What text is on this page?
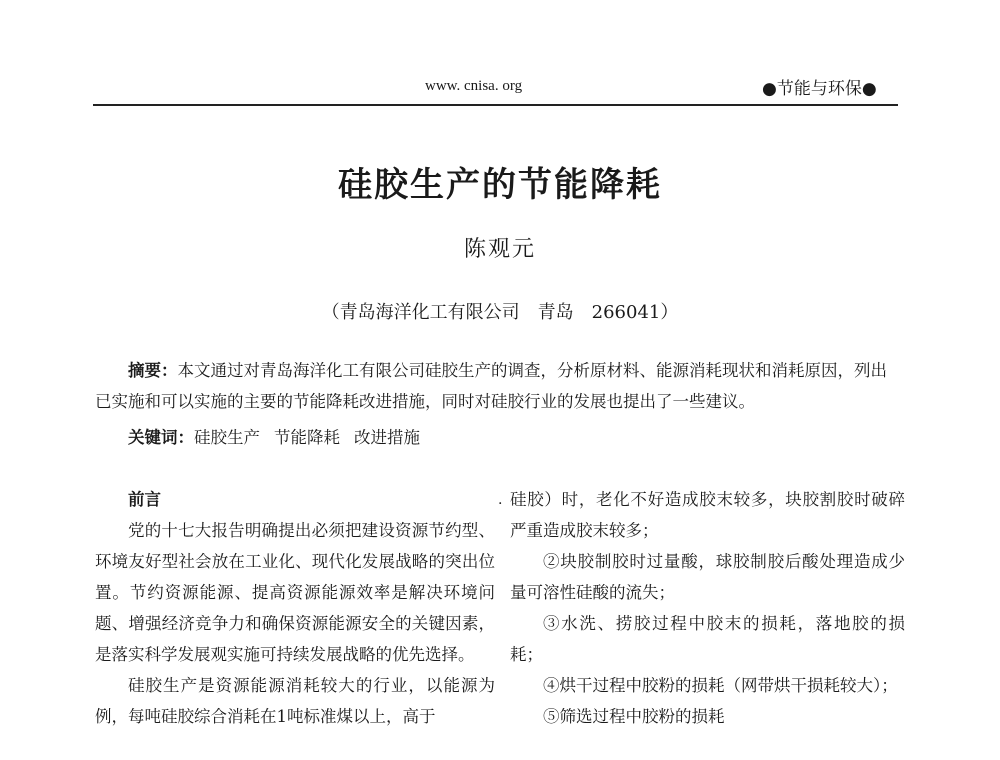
www. cnisa. org	●节能与环保●
硅胶生产的节能降耗
陈观元
（青岛海洋化工有限公司　青岛　266041）

摘要：本文通过对青岛海洋化工有限公司硅胶生产的调查，分析原材料、能源消耗现状和消耗原因，列出已实施和可以实施的主要的节能降耗改进措施，同时对硅胶行业的发展也提出了一些建议。

关键词：硅胶生产 节能降耗 改进措施

前言

党的十七大报告明确提出必须把建设资源节约型、环境友好型社会放在工业化、现代化发展战略的突出位置。节约资源能源、提高资源能源效率是解决环境问题、增强经济竞争力和确保资源能源安全的关键因素，是落实科学发展观实施可持续发展战略的优先选择。

硅胶生产是资源能源消耗较大的行业，以能源为例，每吨硅胶综合消耗在1吨标准煤以上，高于

. 硅胶）时，老化不好造成胶末较多，块胶割胶时破碎严重造成胶末较多；

②块胶制胶时过量酸，球胶制胶后酸处理造成少量可溶性硅酸的流失；

③水洗、捞胶过程中胶末的损耗，落地胶的损耗；

④烘干过程中胶粉的损耗（网带烘干损耗较大）；

⑤筛选过程中胶粉的损耗
